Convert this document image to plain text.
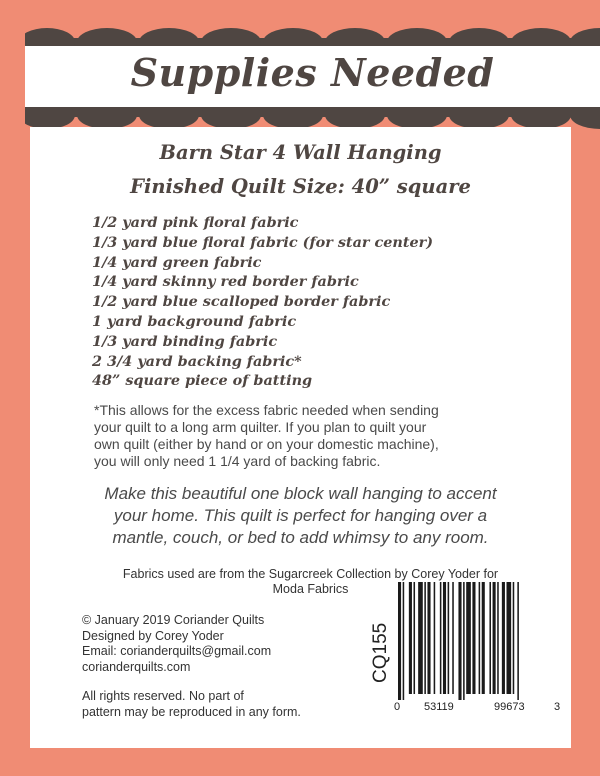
Supplies Needed
Barn Star 4 Wall Hanging
Finished Quilt Size: 40” square
1/2 yard pink floral fabric
1/3 yard blue floral fabric (for star center)
1/4 yard green fabric
1/4 yard skinny red border fabric
1/2 yard blue scalloped border fabric
1 yard background fabric
1/3 yard binding fabric
2 3/4 yard backing fabric*
48” square piece of batting
*This allows for the excess fabric needed when sending
your quilt to a long arm quilter. If you plan to quilt your
own quilt (either by hand or on your domestic machine),
you will only need 1 1/4 yard of backing fabric.
Make this beautiful one block wall hanging to accent
your home. This quilt is perfect for hanging over a
mantle, couch, or bed to add whimsy to any room.
Fabrics used are from the Sugarcreek Collection by Corey Yoder for
Moda Fabrics
© January 2019 Coriander Quilts
Designed by Corey Yoder
Email: corianderquilts@gmail.com
corianderquilts.com
All rights reserved. No part of
pattern may be reproduced in any form.
CQ155
0 53119	99673	3
